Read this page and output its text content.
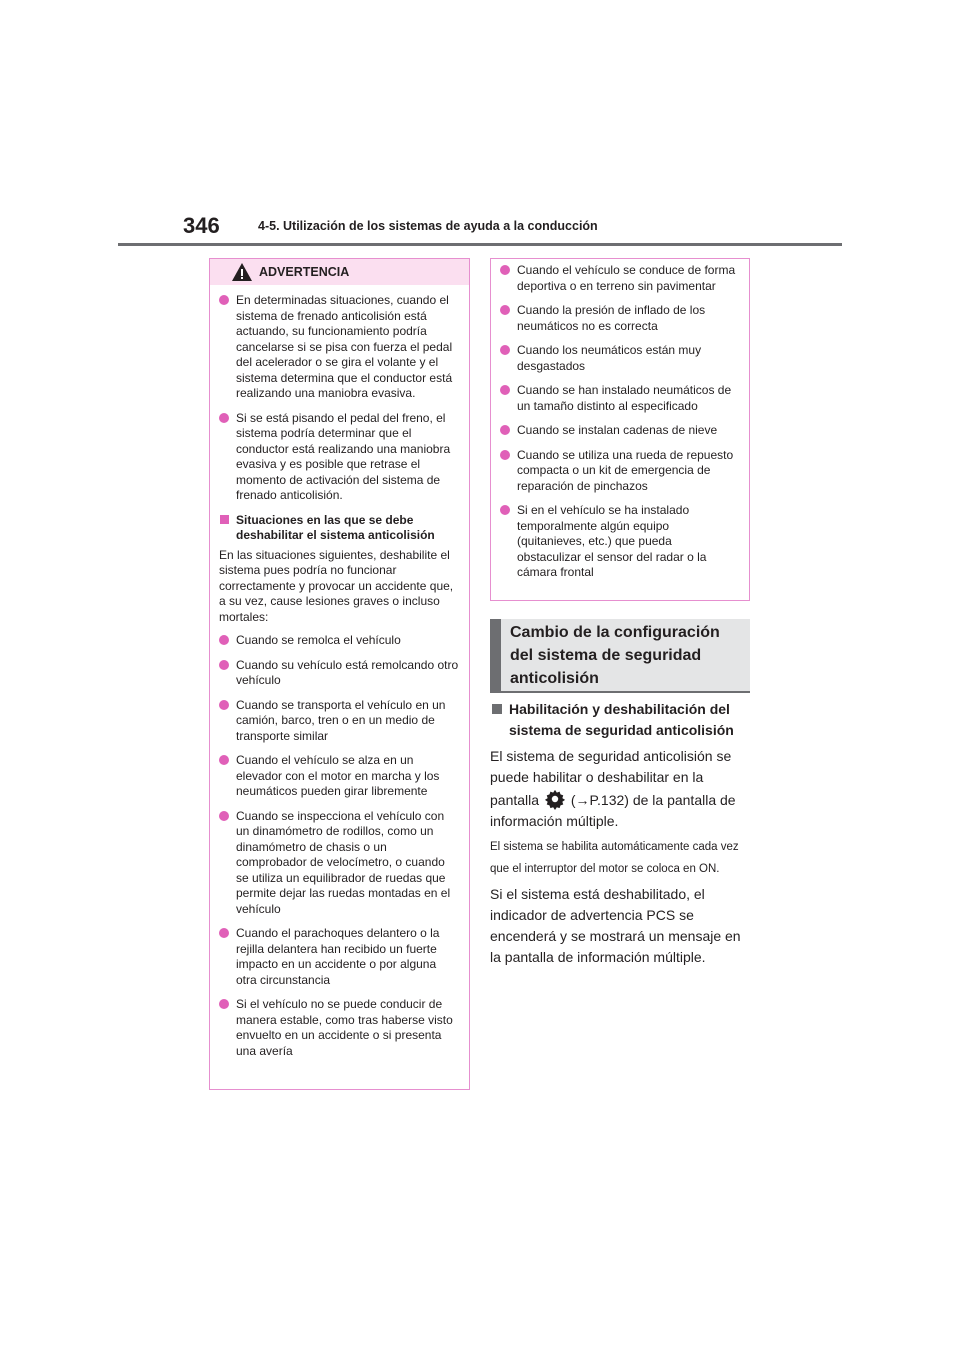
346	4-5. Utilización de los sistemas de ayuda a la conducción
ADVERTENCIA
En determinadas situaciones, cuando el sistema de frenado anticolisión está actuando, su funcionamiento podría cancelarse si se pisa con fuerza el pedal del acelerador o se gira el volante y el sistema determina que el conductor está realizando una maniobra evasiva.
Si se está pisando el pedal del freno, el sistema podría determinar que el conductor está realizando una maniobra evasiva y es posible que retrase el momento de activación del sistema de frenado anticolisión.
Situaciones en las que se debe deshabilitar el sistema anticolisión
En las situaciones siguientes, deshabilite el sistema pues podría no funcionar correctamente y provocar un accidente que, a su vez, cause lesiones graves o incluso mortales:
Cuando se remolca el vehículo
Cuando su vehículo está remolcando otro vehículo
Cuando se transporta el vehículo en un camión, barco, tren o en un medio de transporte similar
Cuando el vehículo se alza en un elevador con el motor en marcha y los neumáticos pueden girar libremente
Cuando se inspecciona el vehículo con un dinamómetro de rodillos, como un dinamómetro de chasis o un comprobador de velocímetro, o cuando se utiliza un equilibrador de ruedas que permite dejar las ruedas montadas en el vehículo
Cuando el parachoques delantero o la rejilla delantera han recibido un fuerte impacto en un accidente o por alguna otra circunstancia
Si el vehículo no se puede conducir de manera estable, como tras haberse visto envuelto en un accidente o si presenta una avería
Cuando el vehículo se conduce de forma deportiva o en terreno sin pavimentar
Cuando la presión de inflado de los neumáticos no es correcta
Cuando los neumáticos están muy desgastados
Cuando se han instalado neumáticos de un tamaño distinto al especificado
Cuando se instalan cadenas de nieve
Cuando se utiliza una rueda de repuesto compacta o un kit de emergencia de reparación de pinchazos
Si en el vehículo se ha instalado temporalmente algún equipo (quitanieves, etc.) que pueda obstaculizar el sensor del radar o la cámara frontal
Cambio de la configuración del sistema de seguridad anticolisión
Habilitación y deshabilitación del sistema de seguridad anticolisión
El sistema de seguridad anticolisión se puede habilitar o deshabilitar en la pantalla (→P.132) de la pantalla de información múltiple.
El sistema se habilita automáticamente cada vez que el interruptor del motor se coloca en ON.
Si el sistema está deshabilitado, el indicador de advertencia PCS se encenderá y se mostrará un mensaje en la pantalla de información múltiple.
